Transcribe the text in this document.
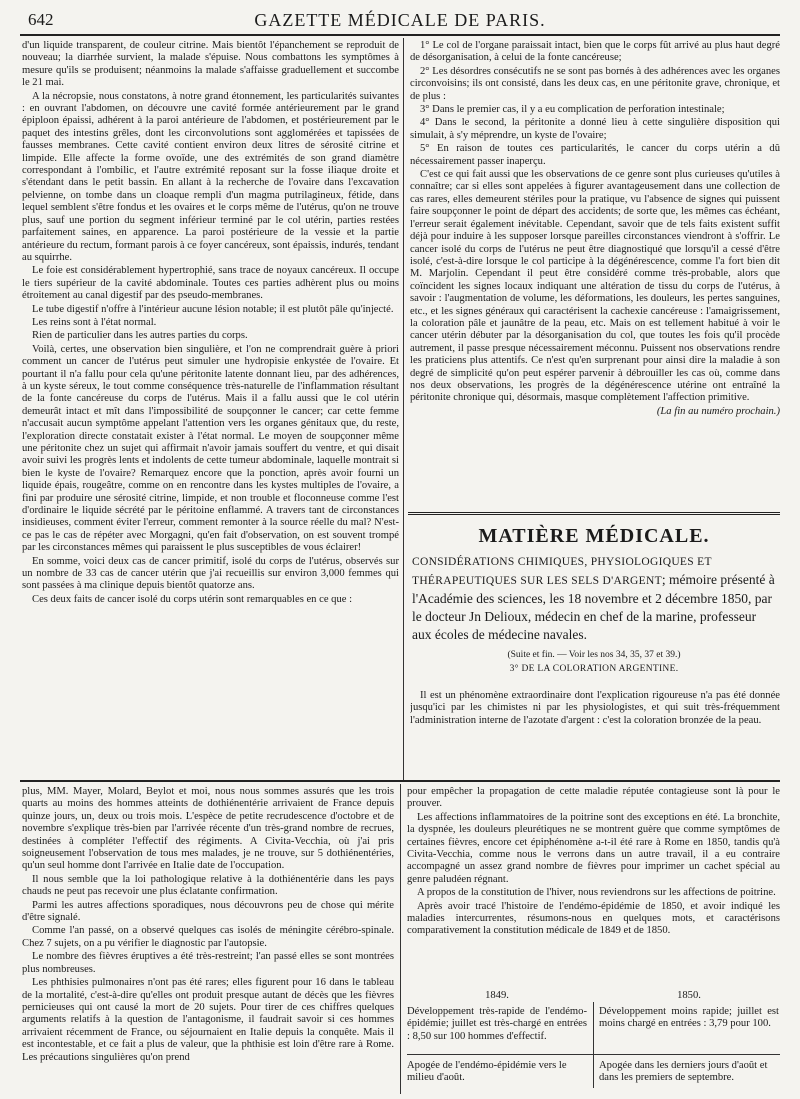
642	GAZETTE MÉDICALE DE PARIS.

d'un liquide transparent, de couleur citrine. Mais bientôt l'épanchement se reproduit de nouveau; la diarrhée survient, la malade s'épuise. Nous combattons les symptômes à mesure qu'ils se produisent; néanmoins la malade s'affaisse graduellement et succombe le 21 mai.

A la nécropsie, nous constatons, à notre grand étonnement, les particularités suivantes : en ouvrant l'abdomen, on découvre une cavité formée antérieurement par le grand épiploon épaissi, adhérent à la paroi antérieure de l'abdomen, et postérieurement par le paquet des intestins grêles, dont les circonvolutions sont agglomérées et tapissées de fausses membranes. Cette cavité contient environ deux litres de sérosité citrine et limpide. Elle affecte la forme ovoïde, une des extrémités de son grand diamètre correspondant à l'ombilic, et l'autre extrémité reposant sur la fosse iliaque droite et s'étendant dans le petit bassin. En allant à la recherche de l'ovaire dans l'excavation pelvienne, on tombe dans un cloaque rempli d'un magma putrilagineux, fétide, dans lequel semblent s'être fondus et les ovaires et le corps même de l'utérus, qu'on ne trouve plus, sauf une portion du segment inférieur terminé par le col utérin, parties restées parfaitement saines, en apparence. La paroi postérieure de la vessie et la partie antérieure du rectum, formant parois à ce foyer cancéreux, sont épaissis, indurés, tendant au squirrhe.

Le foie est considérablement hypertrophié, sans trace de noyaux cancéreux. Il occupe le tiers supérieur de la cavité abdominale. Toutes ces parties adhèrent plus ou moins étroitement au canal digestif par des pseudo-membranes.

Le tube digestif n'offre à l'intérieur aucune lésion notable; il est plutôt pâle qu'injecté.

Les reins sont à l'état normal.

Rien de particulier dans les autres parties du corps.

Voilà, certes, une observation bien singulière, et l'on ne comprendrait guère à priori comment un cancer de l'utérus peut simuler une hydropisie enkystée de l'ovaire. Et pourtant il n'a fallu pour cela qu'une péritonite latente donnant lieu, par des adhérences, à un kyste séreux, le tout comme conséquence très-naturelle de l'inflammation résultant de la fonte cancéreuse du corps de l'utérus. Mais il a fallu aussi que le col utérin demeurât intact et mît dans l'impossibilité de soupçonner le cancer; car cette femme n'accusait aucun symptôme appelant l'attention vers les organes génitaux que, du reste, l'exploration directe constatait exister à l'état normal. Le moyen de soupçonner même une péritonite chez un sujet qui affirmait n'avoir jamais souffert du ventre, et qui disait avoir suivi les progrès lents et indolents de cette tumeur abdominale, laquelle montrait si bien le kyste de l'ovaire? Remarquez encore que la ponction, après avoir fourni un liquide épais, rougeâtre, comme on en rencontre dans les kystes multiples de l'ovaire, a fini par produire une sérosité citrine, limpide, et non trouble et floconneuse comme l'est d'ordinaire le liquide sécrété par le péritoine enflammé. A travers tant de circonstances insidieuses, comment éviter l'erreur, comment remonter à la source réelle du mal? N'est-ce pas le cas de répéter avec Morgagni, qu'en fait d'observation, on est souvent trompé par les circonstances mêmes qui paraissent le plus susceptibles de vous éclairer!

En somme, voici deux cas de cancer primitif, isolé du corps de l'utérus, observés sur un nombre de 33 cas de cancer utérin que j'ai recueillis sur environ 3,000 femmes qui sont passées à ma clinique depuis bientôt quatorze ans.

Ces deux faits de cancer isolé du corps utérin sont remarquables en ce que :

1° Le col de l'organe paraissait intact, bien que le corps fût arrivé au plus haut degré de désorganisation, à celui de la fonte cancéreuse;

2° Les désordres consécutifs ne se sont pas bornés à des adhérences avec les organes circonvoisins; ils ont consisté, dans les deux cas, en une péritonite grave, chronique, et de plus :

3° Dans le premier cas, il y a eu complication de perforation intestinale;

4° Dans le second, la péritonite a donné lieu à cette singulière disposition qui simulait, à s'y méprendre, un kyste de l'ovaire;

5° En raison de toutes ces particularités, le cancer du corps utérin a dû nécessairement passer inaperçu.

C'est ce qui fait aussi que les observations de ce genre sont plus curieuses qu'utiles à connaître; car si elles sont appelées à figurer avantageusement dans une collection de cas rares, elles demeurent stériles pour la pratique, vu l'absence de signes qui puissent faire soupçonner le point de départ des accidents; de sorte que, les mêmes cas échéant, l'erreur serait également inévitable. Cependant, savoir que de tels faits existent suffit déjà pour induire à les supposer lorsque pareilles circonstances viendront à s'offrir. Le cancer isolé du corps de l'utérus ne peut être diagnostiqué que lorsqu'il a cessé d'être isolé, c'est-à-dire lorsque le col participe à la dégénérescence, comme l'a fort bien dit M. Marjolin. Cependant il peut être considéré comme très-probable, alors que coïncident les signes locaux indiquant une altération de tissu du corps de l'utérus, à savoir : l'augmentation de volume, les déformations, les douleurs, les pertes sanguines, etc., et les signes généraux qui caractérisent la cachexie cancéreuse : l'amaigrissement, la coloration pâle et jaunâtre de la peau, etc. Mais on est tellement habitué à voir le cancer utérin débuter par la désorganisation du col, que toutes les fois qu'il procède autrement, il passe presque nécessairement méconnu. Puissent nos observations rendre les praticiens plus attentifs. Ce n'est qu'en surprenant pour ainsi dire la maladie à son degré de simplicité qu'on peut espérer parvenir à débrouiller les cas où, comme dans nos deux observations, les progrès de la dégénérescence utérine ont entraîné la péritonite chronique qui, désormais, masque complètement l'affection primitive.

(La fin au numéro prochain.)

MATIÈRE MÉDICALE.
CONSIDÉRATIONS CHIMIQUES, PHYSIOLOGIQUES ET THÉRAPEUTIQUES SUR LES SELS D'ARGENT; mémoire présenté à l'Académie des sciences, les 18 novembre et 2 décembre 1850, par le docteur Jn Delioux, médecin en chef de la marine, professeur aux écoles de médecine navales.
(Suite et fin. — Voir les nos 34, 35, 37 et 39.)
3° DE LA COLORATION ARGENTINE.

Il est un phénomène extraordinaire dont l'explication rigoureuse n'a pas été donnée jusqu'ici par les chimistes ni par les physiologistes, et qui suit très-fréquemment l'administration interne de l'azotate d'argent : c'est la coloration bronzée de la peau.

plus, MM. Mayer, Molard, Beylot et moi, nous nous sommes assurés que les trois quarts au moins des hommes atteints de dothiénentérie arrivaient de France depuis quinze jours, un, deux ou trois mois. L'espèce de petite recrudescence d'octobre et de novembre s'explique très-bien par l'arrivée récente d'un très-grand nombre de recrues, destinées à compléter l'effectif des régiments. A Civita-Vecchia, où j'ai pris soigneusement l'observation de tous mes malades, je ne trouve, sur 5 dothiénentéries, qu'un seul homme dont l'arrivée en Italie date de l'occupation.

Il nous semble que la loi pathologique relative à la dothiénentérie dans les pays chauds ne peut pas recevoir une plus éclatante confirmation.

Parmi les autres affections sporadiques, nous découvrons peu de chose qui mérite d'être signalé.

Comme l'an passé, on a observé quelques cas isolés de méningite cérébro-spinale. Chez 7 sujets, on a pu vérifier le diagnostic par l'autopsie.

Le nombre des fièvres éruptives a été très-restreint; l'an passé elles se sont montrées plus nombreuses.

Les phthisies pulmonaires n'ont pas été rares; elles figurent pour 16 dans le tableau de la mortalité, c'est-à-dire qu'elles ont produit presque autant de décès que les fièvres pernicieuses qui ont causé la mort de 20 sujets. Pour tirer de ces chiffres quelques arguments relatifs à la question de l'antagonisme, il faudrait savoir si ces hommes arrivaient récemment de France, ou séjournaient en Italie depuis la conquête. Mais il est incontestable, et ce fait a plus de valeur, que la phthisie est loin d'être rare à Rome. Les précautions singulières qu'on prend

pour empêcher la propagation de cette maladie réputée contagieuse sont là pour le prouver.

Les affections inflammatoires de la poitrine sont des exceptions en été. La bronchite, la dyspnée, les douleurs pleurétiques ne se montrent guère que comme symptômes de certaines fièvres, encore cet épiphénomène a-t-il été rare à Rome en 1850, tandis qu'à Civita-Vecchia, comme nous le verrons dans un autre travail, il a eu contraire accompagné un assez grand nombre de fièvres pour imprimer un cachet spécial au genre paludéen régnant.

A propos de la constitution de l'hiver, nous reviendrons sur les affections de poitrine.

Après avoir tracé l'histoire de l'endémo-épidémie de 1850, et avoir indiqué les maladies intercurrentes, résumons-nous en quelques mots, et caractérisons comparativement la constitution médicale de 1849 et de 1850.

1849.	1850.
Développement très-rapide de l'endémo-épidémie; juillet est très-chargé en entrées : 8,50 sur 100 hommes d'effectif.
Développement moins rapide; juillet est moins chargé en entrées : 3,79 pour 100.
Apogée de l'endémo-épidémie vers le milieu d'août.
Apogée dans les derniers jours d'août et dans les premiers de septembre.
